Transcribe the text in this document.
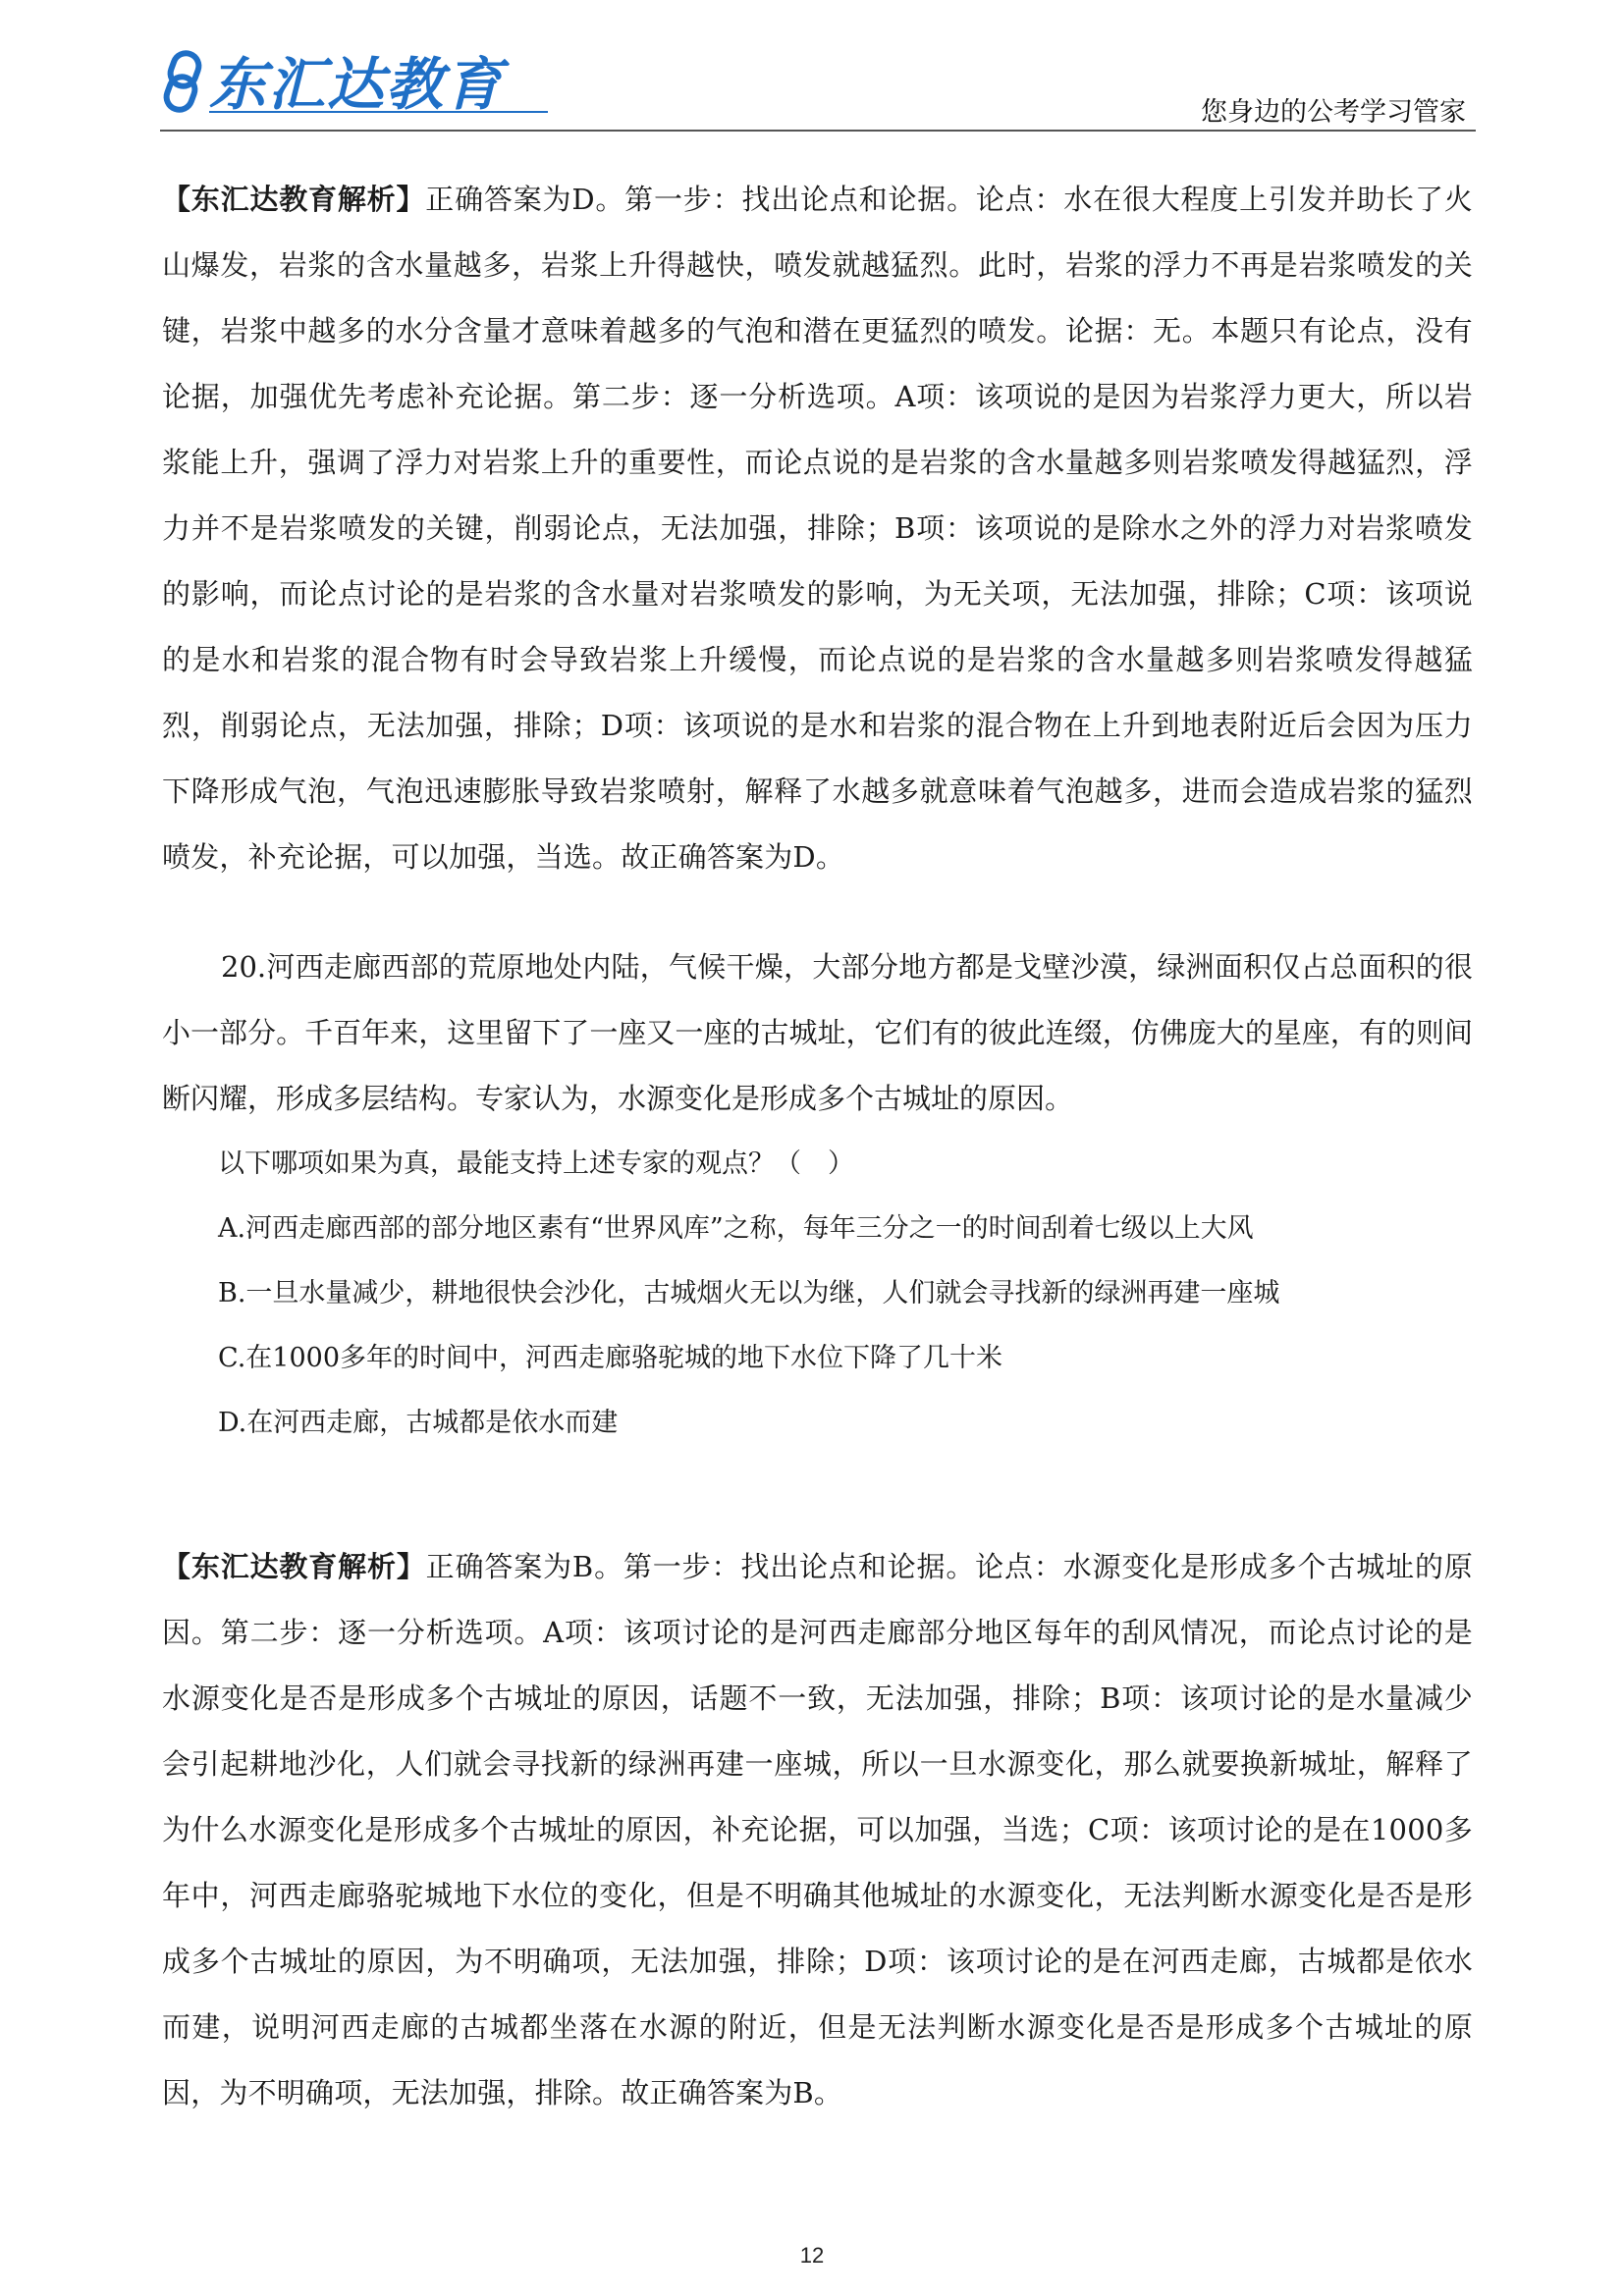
东汇达教育	您身边的公考学习管家

【东汇达教育解析】正确答案为D。第一步：找出论点和论据。论点：水在很大程度上引发并助长了火山爆发，岩浆的含水量越多，岩浆上升得越快，喷发就越猛烈。此时，岩浆的浮力不再是岩浆喷发的关键，岩浆中越多的水分含量才意味着越多的气泡和潜在更猛烈的喷发。论据：无。本题只有论点，没有论据，加强优先考虑补充论据。第二步：逐一分析选项。A项：该项说的是因为岩浆浮力更大，所以岩浆能上升，强调了浮力对岩浆上升的重要性，而论点说的是岩浆的含水量越多则岩浆喷发得越猛烈，浮力并不是岩浆喷发的关键，削弱论点，无法加强，排除；B项：该项说的是除水之外的浮力对岩浆喷发的影响，而论点讨论的是岩浆的含水量对岩浆喷发的影响，为无关项，无法加强，排除；C项：该项说的是水和岩浆的混合物有时会导致岩浆上升缓慢，而论点说的是岩浆的含水量越多则岩浆喷发得越猛烈，削弱论点，无法加强，排除；D项：该项说的是水和岩浆的混合物在上升到地表附近后会因为压力下降形成气泡，气泡迅速膨胀导致岩浆喷射，解释了水越多就意味着气泡越多，进而会造成岩浆的猛烈喷发，补充论据，可以加强，当选。故正确答案为D。

20.河西走廊西部的荒原地处内陆，气候干燥，大部分地方都是戈壁沙漠，绿洲面积仅占总面积的很小一部分。千百年来，这里留下了一座又一座的古城址，它们有的彼此连缀，仿佛庞大的星座，有的则间断闪耀，形成多层结构。专家认为，水源变化是形成多个古城址的原因。

以下哪项如果为真，最能支持上述专家的观点？（　）

A.河西走廊西部的部分地区素有“世界风库”之称，每年三分之一的时间刮着七级以上大风

B.一旦水量减少，耕地很快会沙化，古城烟火无以为继，人们就会寻找新的绿洲再建一座城

C.在1000多年的时间中，河西走廊骆驼城的地下水位下降了几十米

D.在河西走廊，古城都是依水而建

【东汇达教育解析】正确答案为B。第一步：找出论点和论据。论点：水源变化是形成多个古城址的原因。第二步：逐一分析选项。A项：该项讨论的是河西走廊部分地区每年的刮风情况，而论点讨论的是水源变化是否是形成多个古城址的原因，话题不一致，无法加强，排除；B项：该项讨论的是水量减少会引起耕地沙化，人们就会寻找新的绿洲再建一座城，所以一旦水源变化，那么就要换新城址，解释了为什么水源变化是形成多个古城址的原因，补充论据，可以加强，当选；C项：该项讨论的是在1000多年中，河西走廊骆驼城地下水位的变化，但是不明确其他城址的水源变化，无法判断水源变化是否是形成多个古城址的原因，为不明确项，无法加强，排除；D项：该项讨论的是在河西走廊，古城都是依水而建，说明河西走廊的古城都坐落在水源的附近，但是无法判断水源变化是否是形成多个古城址的原因，为不明确项，无法加强，排除。故正确答案为B。

12
